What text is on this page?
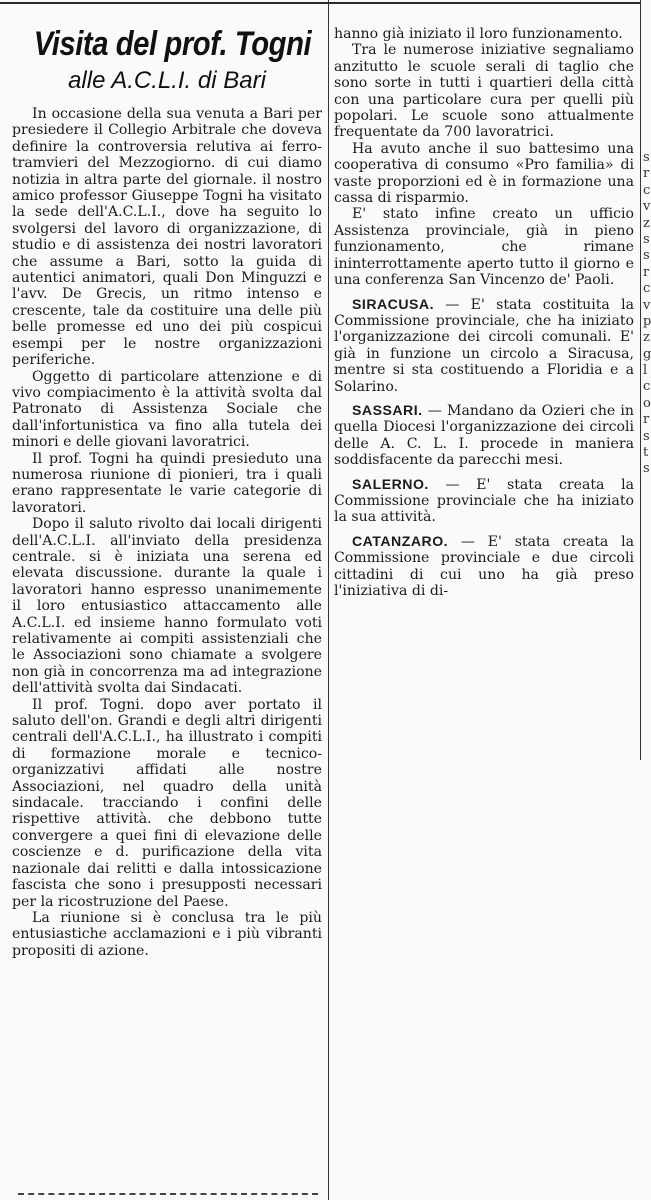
Visita del prof. Togni
alle A.C.L.I. di Bari

In occasione della sua venuta a Bari per presiedere il Collegio Arbitrale che doveva definire la controversia relutiva ai ferro-tramvieri del Mezzogiorno. di cui diamo notizia in altra parte del giornale. il nostro amico professor Giuseppe Togni ha visitato la sede dell'A.C.L.I., dove ha seguito lo svolgersi del lavoro di organizzazione, di studio e di assistenza dei nostri lavoratori che assume a Bari, sotto la guida di autentici animatori, quali Don Minguzzi e l'avv. De Grecis, un ritmo intenso e crescente, tale da costituire una delle più belle promesse ed uno dei più cospicui esempi per le nostre organizzazioni periferiche.

Oggetto di particolare attenzione e di vivo compiacimento è la attività svolta dal Patronato di Assistenza Sociale che dall'infortunistica va fino alla tutela dei minori e delle giovani lavoratrici.

Il prof. Togni ha quindi presieduto una numerosa riunione di pionieri, tra i quali erano rappresentate le varie categorie di lavoratori.

Dopo il saluto rivolto dai locali dirigenti dell'A.C.L.I. all'inviato della presidenza centrale. si è iniziata una serena ed elevata discussione. durante la quale i lavoratori hanno espresso unanimemente il loro entusiastico attaccamento alle A.C.L.I. ed insieme hanno formulato voti relativamente ai compiti assistenziali che le Associazioni sono chiamate a svolgere non già in concorrenza ma ad integrazione dell'attività svolta dai Sindacati.

Il prof. Togni. dopo aver portato il saluto dell'on. Grandi e degli altri dirigenti centrali dell'A.C.L.I., ha illustrato i compiti di formazione morale e tecnico-organizzativi affidati alle nostre Associazioni, nel quadro della unità sindacale. tracciando i confini delle rispettive attività. che debbono tutte convergere a quei fini di elevazione delle coscienze e d. purificazione della vita nazionale dai relitti e dalla intossicazione fascista che sono i presupposti necessari per la ricostruzione del Paese.

La riunione si è conclusa tra le più entusiastiche acclamazioni e i più vibranti propositi di azione.

hanno già iniziato il loro funzionamento.

Tra le numerose iniziative segnaliamo anzitutto le scuole serali di taglio che sono sorte in tutti i quartieri della città con una particolare cura per quelli più popolari. Le scuole sono attualmente frequentate da 700 lavoratrici.

Ha avuto anche il suo battesimo una cooperativa di consumo «Pro familia» di vaste proporzioni ed è in formazione una cassa di risparmio.

E' stato infine creato un ufficio Assistenza provinciale, già in pieno funzionamento, che rimane ininterrottamente aperto tutto il giorno e una conferenza San Vincenzo de' Paoli.

SIRACUSA. — E' stata costituita la Commissione provinciale, che ha iniziato l'organizzazione dei circoli comunali. E' già in funzione un circolo a Siracusa, mentre si sta costituendo a Floridia e a Solarino.

SASSARI. — Mandano da Ozieri che in quella Diocesi l'organizzazione dei circoli delle A. C. L. I. procede in maniera soddisfacente da parecchi mesi.

SALERNO. — E' stata creata la Commissione provinciale che ha iniziato la sua attività.

CATANZARO. — E' stata creata la Commissione provinciale e due circoli cittadini di cui uno ha già preso l'iniziativa di di-

s
r
c
v
z
s
s
r
c
v
p
z
g
l
c
o
r
s
t
s
